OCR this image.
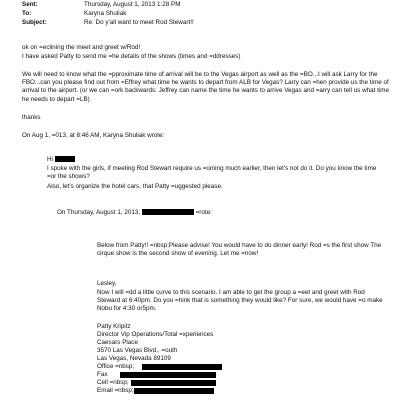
Sent:	Thursday, August 1, 2013 1:28 PM
To:	Karyna Shuliak
Subject:	Re: Do y'all want to meet Rod Stewart!!
ok on =eclining the meet and greet w/Rod!
I have asked Patty to send me =he details of the shows (times and =ddresses)
We will need to know what the =pproximate time of arrival will be to the Vegas airport as well as the =BO...I will ask Larry for the FBO...can you please find out from =Effrey what time he wants to depart from ALB for Vegas? Larry can =hen provide us the time of arrival to the airport. (or we can =ork backwards: Jeffrey can name the time he wants to arrive Vegas and =arry can tell us what time he needs to depart =LB)
thanks
On Aug 1, =013, at 8:46 AM, Karyna Shuliak wrote:
Hi
I spoke with the girls, if meeting Rod Stewart require us =oming much earlier, then let's not do it. Do you know the time =or the shows?
Also, let's organize the hotel cars, that Patty =uggested please.
On Thursday, August 1, 2013,	=rote:
Below from Patty!! =nbsp;Please advise! You would have to do dinner early! Rod =s the first show The cirque show is the second show of evening. Let me =now!
Lesley,
Now I will =dd a little curve to this scenario. I am able to get the group a =eet and greet with Rod Steward at 6:40pm. Do you =hink that is something they would like? For sure, we would have =o make Nobu for 4:30 or5pm.
Patty Kripitz
Director Vip Operations/Total =xperiences
Caesars Place
3570 Las Vegas Blvd., =outh
Las Vegas, Nevada 89109
Office =nbsp;
Fax
Cell =nbsp;
Email =nbsp;
